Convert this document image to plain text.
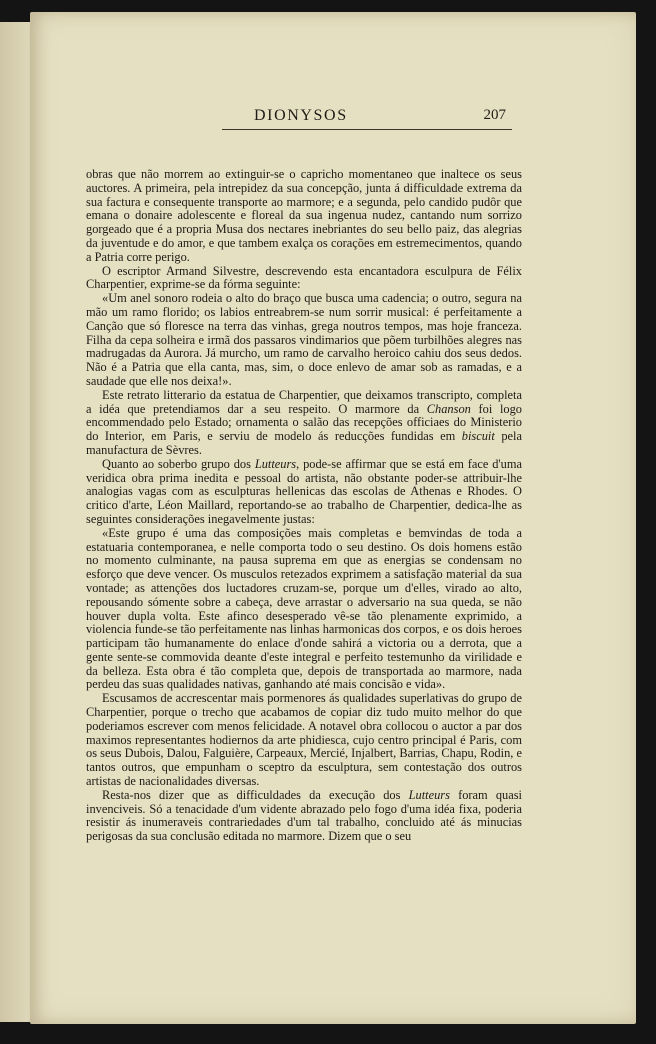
DIONYSOS	207

obras que não morrem ao extinguir-se o capricho momentaneo que inaltece os seus auctores. A primeira, pela intrepidez da sua concepção, junta á difficuldade extrema da sua factura e consequente transporte ao marmore; e a segunda, pelo candido pudôr que emana o donaire adolescente e floreal da sua ingenua nudez, cantando num sorrizo gorgeado que é a propria Musa dos nectares inebriantes do seu bello paiz, das alegrias da juventude e do amor, e que tambem exalça os corações em estremecimentos, quando a Patria corre perigo.

O escriptor Armand Silvestre, descrevendo esta encantadora esculpura de Félix Charpentier, exprime-se da fórma seguinte:

«Um anel sonoro rodeia o alto do braço que busca uma cadencia; o outro, segura na mão um ramo florido; os labios entreabrem-se num sorrir musical: é perfeitamente a Canção que só floresce na terra das vinhas, grega noutros tempos, mas hoje franceza. Filha da cepa solheira e irmã dos passaros vindimarios que põem turbilhões alegres nas madrugadas da Aurora. Já murcho, um ramo de carvalho heroico cahiu dos seus dedos. Não é a Patria que ella canta, mas, sim, o doce enlevo de amar sob as ramadas, e a saudade que elle nos deixa!».

Este retrato litterario da estatua de Charpentier, que deixamos transcripto, completa a idéa que pretendiamos dar a seu respeito. O marmore da Chanson foi logo encommendado pelo Estado; ornamenta o salão das recepções officiaes do Ministerio do Interior, em Paris, e serviu de modelo ás reducções fundidas em biscuit pela manufactura de Sèvres.

Quanto ao soberbo grupo dos Lutteurs, pode-se affirmar que se está em face d'uma veridica obra prima inedita e pessoal do artista, não obstante poder-se attribuir-lhe analogias vagas com as esculpturas hellenicas das escolas de Athenas e Rhodes. O critico d'arte, Léon Maillard, reportando-se ao trabalho de Charpentier, dedica-lhe as seguintes considerações inegavelmente justas:

«Este grupo é uma das composições mais completas e bemvindas de toda a estatuaria contemporanea, e nelle comporta todo o seu destino. Os dois homens estão no momento culminante, na pausa suprema em que as energias se condensam no esforço que deve vencer. Os musculos retezados exprimem a satisfação material da sua vontade; as attenções dos luctadores cruzam-se, porque um d'elles, virado ao alto, repousando sómente sobre a cabeça, deve arrastar o adversario na sua queda, se não houver dupla volta. Este afinco desesperado vê-se tão plenamente exprimido, a violencia funde-se tão perfeitamente nas linhas harmonicas dos corpos, e os dois heroes participam tão humanamente do enlace d'onde sahirá a victoria ou a derrota, que a gente sente-se commovida deante d'este integral e perfeito testemunho da virilidade e da belleza. Esta obra é tão completa que, depois de transportada ao marmore, nada perdeu das suas qualidades nativas, ganhando até mais concisão e vida».

Escusamos de accrescentar mais pormenores ás qualidades superlativas do grupo de Charpentier, porque o trecho que acabamos de copiar diz tudo muito melhor do que poderiamos escrever com menos felicidade. A notavel obra collocou o auctor a par dos maximos representantes hodiernos da arte phidiesca, cujo centro principal é Paris, com os seus Dubois, Dalou, Falguière, Carpeaux, Mercié, Injalbert, Barrias, Chapu, Rodin, e tantos outros, que empunham o sceptro da esculptura, sem contestação dos outros artistas de nacionalidades diversas.

Resta-nos dizer que as difficuldades da execução dos Lutteurs foram quasi invenciveis. Só a tenacidade d'um vidente abrazado pelo fogo d'uma idéa fixa, poderia resistir ás inumeraveis contrariedades d'um tal trabalho, concluido até ás minucias perigosas da sua conclusão editada no marmore. Dizem que o seu
